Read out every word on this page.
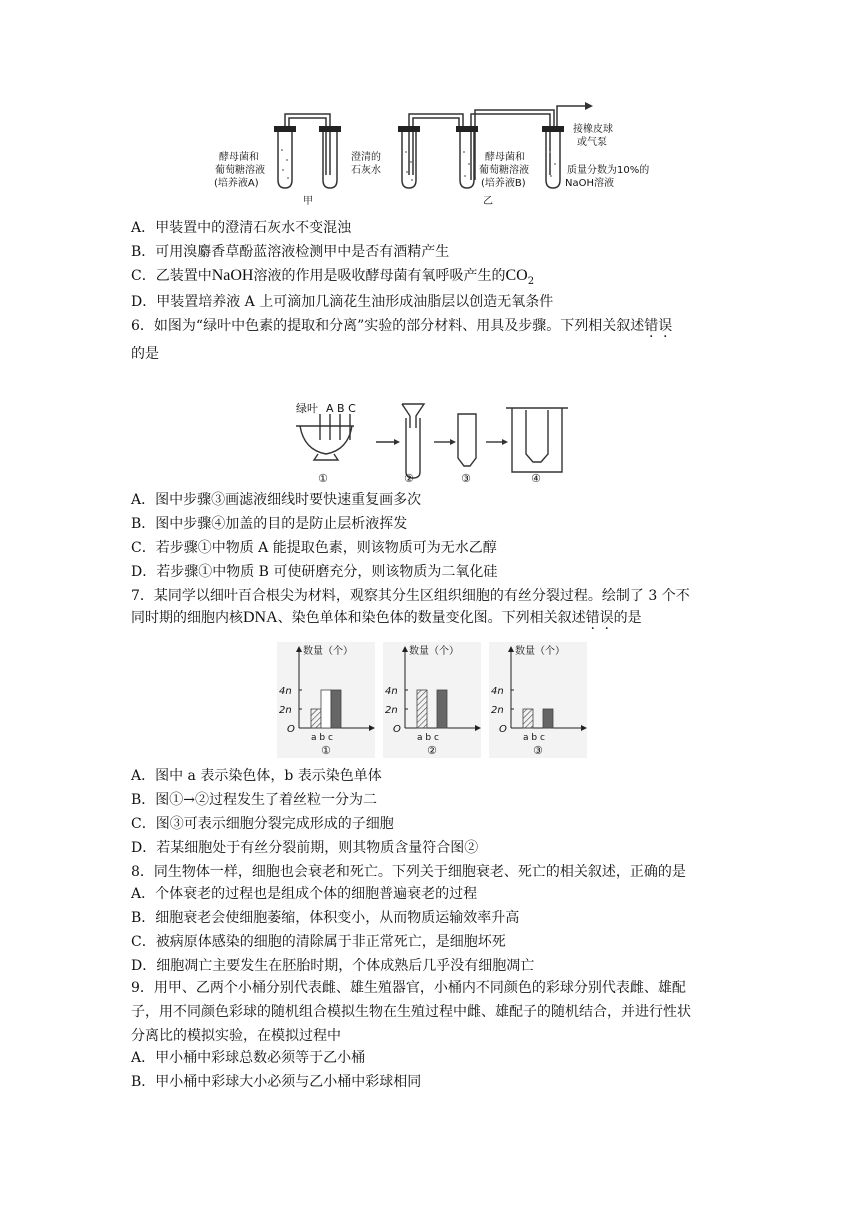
酵母菌和
葡萄糖溶液
(培养液A)
澄清的
石灰水
酵母菌和
葡萄糖溶液
(培养液B)
接橡皮球
或气泵
质量分数为10%的
NaOH溶液
甲	乙
A．甲装置中的澄清石灰水不变混浊
B．可用溴麝香草酚蓝溶液检测甲中是否有酒精产生
C．乙装置中NaOH溶液的作用是吸收酵母菌有氧呼吸产生的$CO_2$
D．甲装置培养液 A 上可滴加几滴花生油形成油脂层以创造无氧条件
6．如图为“绿叶中色素的提取和分离”实验的部分材料、用具及步骤。下列相关叙述错误
的是
绿叶 A B C
①	②	③	④
A．图中步骤③画滤液细线时要快速重复画多次
B．图中步骤④加盖的目的是防止层析液挥发
C．若步骤①中物质 A 能提取色素，则该物质可为无水乙醇
D．若步骤①中物质 B 可使研磨充分，则该物质为二氧化硅
7．某同学以细叶百合根尖为材料，观察其分生区组织细胞的有丝分裂过程。绘制了 3 个不
同时期的细胞内核DNA、染色单体和染色体的数量变化图。下列相关叙述错误的是
数量（个）
4n
2n
O
a b c
①
数量（个）
4n
2n
O
a b c
②
数量（个）
4n
2n
O
a b c
③
A．图中 a 表示染色体，b 表示染色单体
B．图①→②过程发生了着丝粒一分为二
C．图③可表示细胞分裂完成形成的子细胞
D．若某细胞处于有丝分裂前期，则其物质含量符合图②
8．同生物体一样，细胞也会衰老和死亡。下列关于细胞衰老、死亡的相关叙述，正确的是
A．个体衰老的过程也是组成个体的细胞普遍衰老的过程
B．细胞衰老会使细胞萎缩，体积变小，从而物质运输效率升高
C．被病原体感染的细胞的清除属于非正常死亡，是细胞坏死
D．细胞凋亡主要发生在胚胎时期，个体成熟后几乎没有细胞凋亡
9．用甲、乙两个小桶分别代表雌、雄生殖器官，小桶内不同颜色的彩球分别代表雌、雄配
子，用不同颜色彩球的随机组合模拟生物在生殖过程中雌、雄配子的随机结合，并进行性状
分离比的模拟实验，在模拟过程中
A．甲小桶中彩球总数必须等于乙小桶
B．甲小桶中彩球大小必须与乙小桶中彩球相同
